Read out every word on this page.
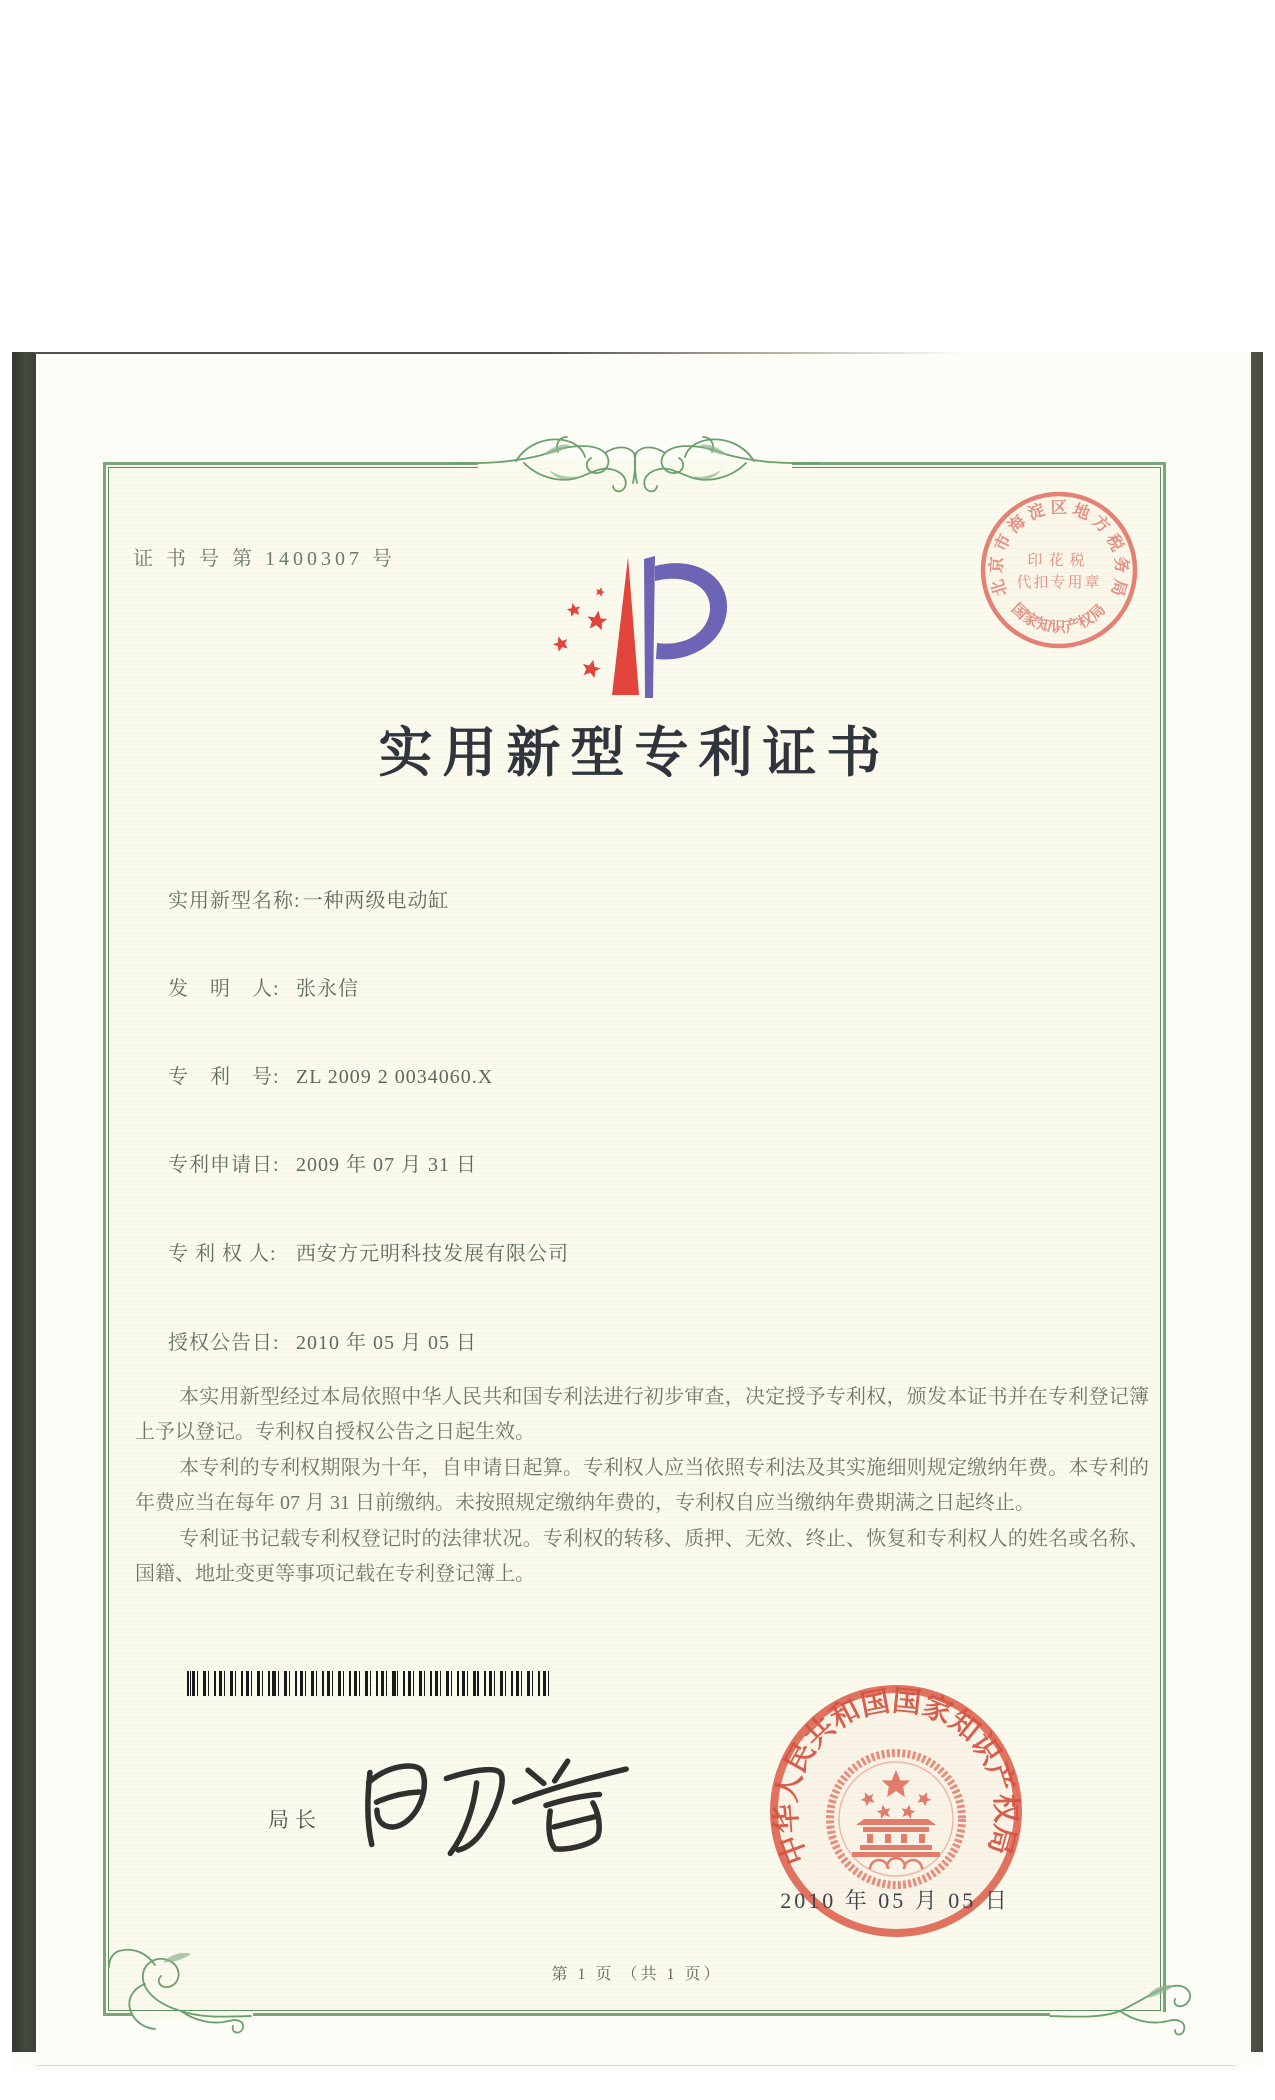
证 书 号 第 1400307 号
实用新型专利证书
实用新型名称: 一种两级电动缸
发　明　人: 张永信
专　利　号: ZL 2009 2 0034060.X
专利申请日: 2009 年 07 月 31 日
专 利 权 人: 西安方元明科技发展有限公司
授权公告日: 2010 年 05 月 05 日

本实用新型经过本局依照中华人民共和国专利法进行初步审查，决定授予专利权，颁发本证书并在专利登记簿上予以登记。专利权自授权公告之日起生效。

本专利的专利权期限为十年，自申请日起算。专利权人应当依照专利法及其实施细则规定缴纳年费。本专利的年费应当在每年 07 月 31 日前缴纳。未按照规定缴纳年费的，专利权自应当缴纳年费期满之日起终止。

专利证书记载专利权登记时的法律状况。专利权的转移、质押、无效、终止、恢复和专利权人的姓名或名称、国籍、地址变更等事项记载在专利登记簿上。

局长
中华人民共和国国家知识产权局
2010 年 05 月 05 日
北京市海淀区地方税务局
国家知识产权局
印花税
代扣专用章
第 1 页 （共 1 页）
